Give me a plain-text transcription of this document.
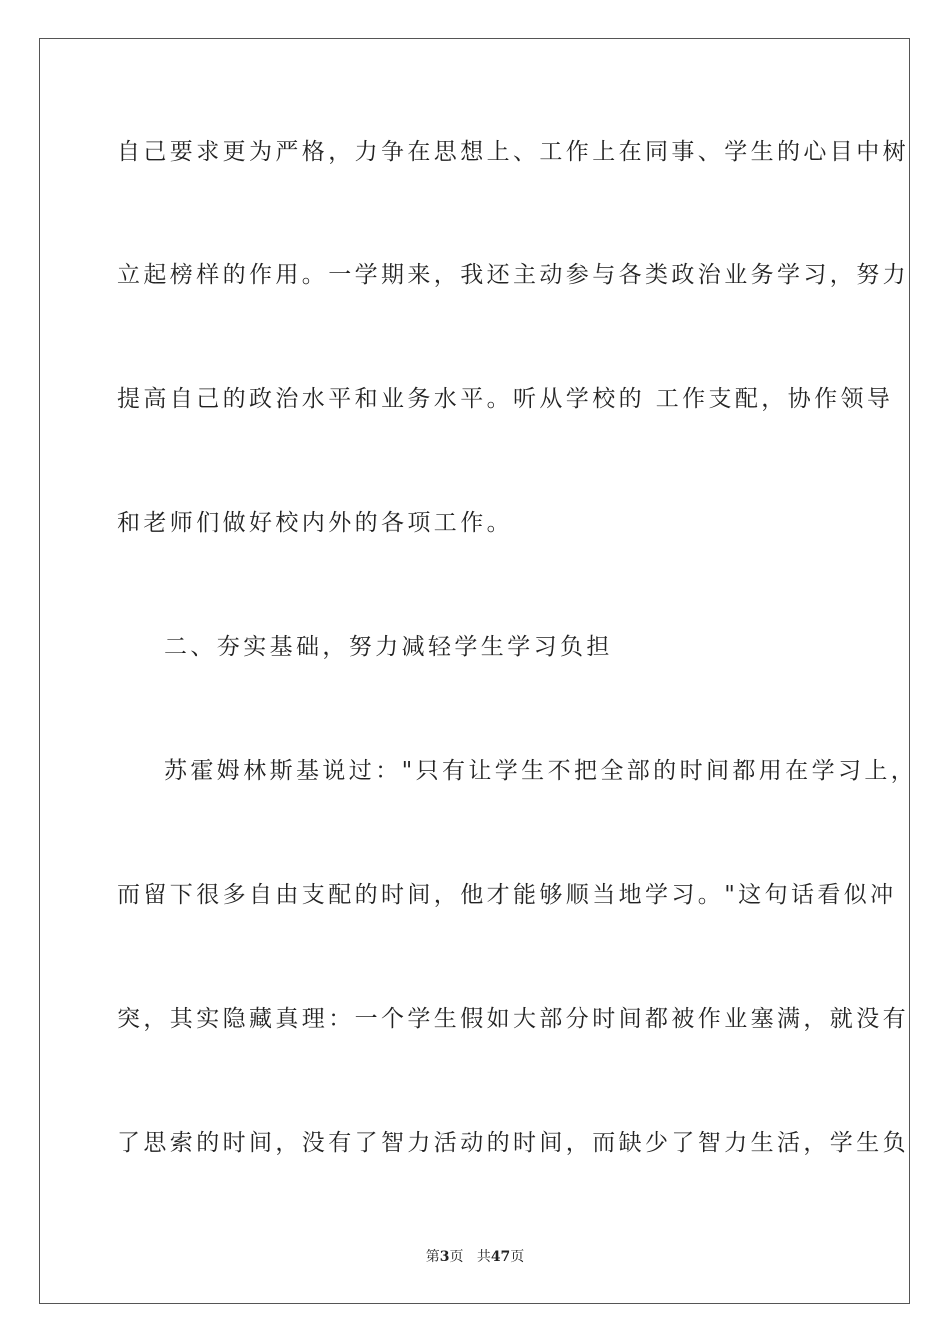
自己要求更为严格，力争在思想上、工作上在同事、学生的心目中树
立起榜样的作用。一学期来，我还主动参与各类政治业务学习，努力
提高自己的政治水平和业务水平。听从学校的 工作支配，协作领导
和老师们做好校内外的各项工作。
二、夯实基础，努力减轻学生学习负担
苏霍姆林斯基说过："只有让学生不把全部的时间都用在学习上，
而留下很多自由支配的时间，他才能够顺当地学习。"这句话看似冲
突，其实隐藏真理：一个学生假如大部分时间都被作业塞满，就没有
了思索的时间，没有了智力活动的时间，而缺少了智力生活，学生负
第3页 共47页
